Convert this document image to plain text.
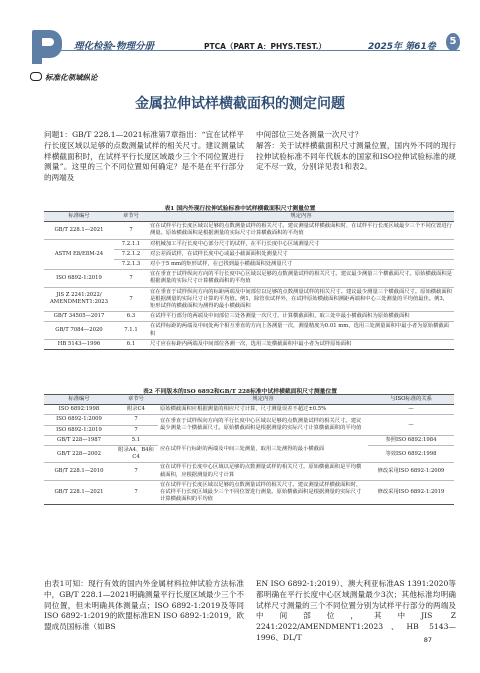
理化检验-物理分册	PTCA（PART A：PHYS.TEST.）	2025年 第61卷	5
标准化领域纵论
金属拉伸试样横截面积的测定问题
问题1：GB/T 228.1—2021标准第7章指出：“宜在试样平行长度区域以足够的点数测量试样的相关尺寸。建议测量试样横截面积时，在试样平行长度区域最少三个不同位置进行测量”。这里的三个不同位置如何确定？是不是在平行部分的两端及
中间部位三处各测量一次尺寸？
解答：关于试样横截面积尺寸测量位置，国内外不同的现行拉伸试验标准不同年代版本的国家和ISO拉伸试验标准的规定不尽一致，分别详见表1和表2。
表1 国内外现行拉伸试验标准中试样横截面积尺寸测量位置
标准编号	章节号	规定内容
GB/T 228.1—2021	7	宜在试样平行长度区域以足够的点数测量试样的相关尺寸。建议测量试样横截面积时，在试样平行长度区域最少三个不同位置进行测量。原始横截面积是根据测量的实际尺寸计算横截面积的平均值
ASTM E8/E8M-24	7.2.1.1	对机械加工平行长度中心部分尺寸的试样，在平行长度中心区域测量尺寸
	7.2.1.2	对公差面试样，在试样长度中心或最小截面面积处测量尺寸
	7.2.1.3	对小于5 mm的矩形试样，在已找到最小横截面积处测量尺寸
ISO 6892-1:2019	7	宜在垂直于试样纵向方向的平行长度中心区域以足够的点数测量试样的相关尺寸。建议最少测量三个横截面尺寸。原始横截面积是根据测量的实际尺寸计算横截面积的平均值
JIS Z 2241:2022/ AMENDMENT1:2023	7	宜在垂直于试样纵向方向的标距两端及中间部位以足够的点数测量试样的相关尺寸。建议最少测量三个横截面尺寸。原始横截面积是根据测量的实际尺寸计算的平均值。例1，除管状试样外，在试样原始横截面积测距两端和中心三处测量的平均值最佳。例3，矩形试样的横截面积为测得的最小横截面积
GB/T 34505—2017	6.3	在试样平行部分的两端及中间部位三处各测量一次尺寸，计算横截面积，取三处中最小横截面积为原始横截面积
GB/T 7084—2020	7.1.1	在试样标距的两端及中间处两个相互垂直的方向上各测量一次，测量精度为0.01 mm，选用三处测量面积中最小者为原始横截面积
HB 5143—1996	6.1	尺寸应在标距内两端及中间部位各测一次，选用三处横截面积中最小者为试样原始面积
表2 不同版本的ISO 6892和GB/T 228标准中试样横截面积尺寸测量位置
标准编号	章节号	规定内容	与ISO标准的关系
ISO 6892:1998	附录C4	原始横截面积应根据测量的相应尺寸计算，尺寸测量误差不超过±0.5%	—
ISO 6892-1:2009	7	宜在垂直于试样纵向方向的平行长度中心区域以足够的点数测量试样的相关尺寸。建议最少测量三个横截面尺寸。原始横截面积是根据测量的实际尺寸计算横截面积的平均值	—
ISO 6892-1:2019	7		
GB/T 228—1987	5.1	应在试样平行标距的两端及中间三处测量，取用三处测得的最小横截面	参照ISO 6892:1984
GB/T 228—2002	附录A4、B4和C4		等效ISO 6892:1998
GB/T 228.1—2010	7	宜在试样平行长度中心区域以足够的点数测量试样的相关尺寸。原始横截面积是平均横截面积，应根据测量的尺寸计算	修改采用ISO 6892-1:2009
GB/T 228.1—2021	7	宜在试样平行长度区域以足够的点数测量试样的相关尺寸。建议测量试样横截面积时，在试样平行长度区域最少三个不同位置进行测量。原始横截面积是根据测量的实际尺寸计算横截面积的平均值	修改采用ISO 6892-1:2019
由表1可知：现行有效的国内外金属材料拉伸试验方法标准中，GB/T 228.1—2021明确测量平行长度区域最少三个不同位置，但未明确具体测量点；ISO 6892-1:2019及等同ISO 6892-1:2019的欧盟标准EN ISO 6892-1:2019，欧盟成员国标准（如BS
EN ISO 6892-1:2019）、澳大利亚标准AS 1391:2020等都明确在平行长度中心区域测量最少3次；其他标准均明确试样尺寸测量的三个不同位置分别为试样平行部分的两端及中间部位，其中JIS Z 2241:2022/AMENDMENT1:2023、HB 5143—1996、DL/T	87
